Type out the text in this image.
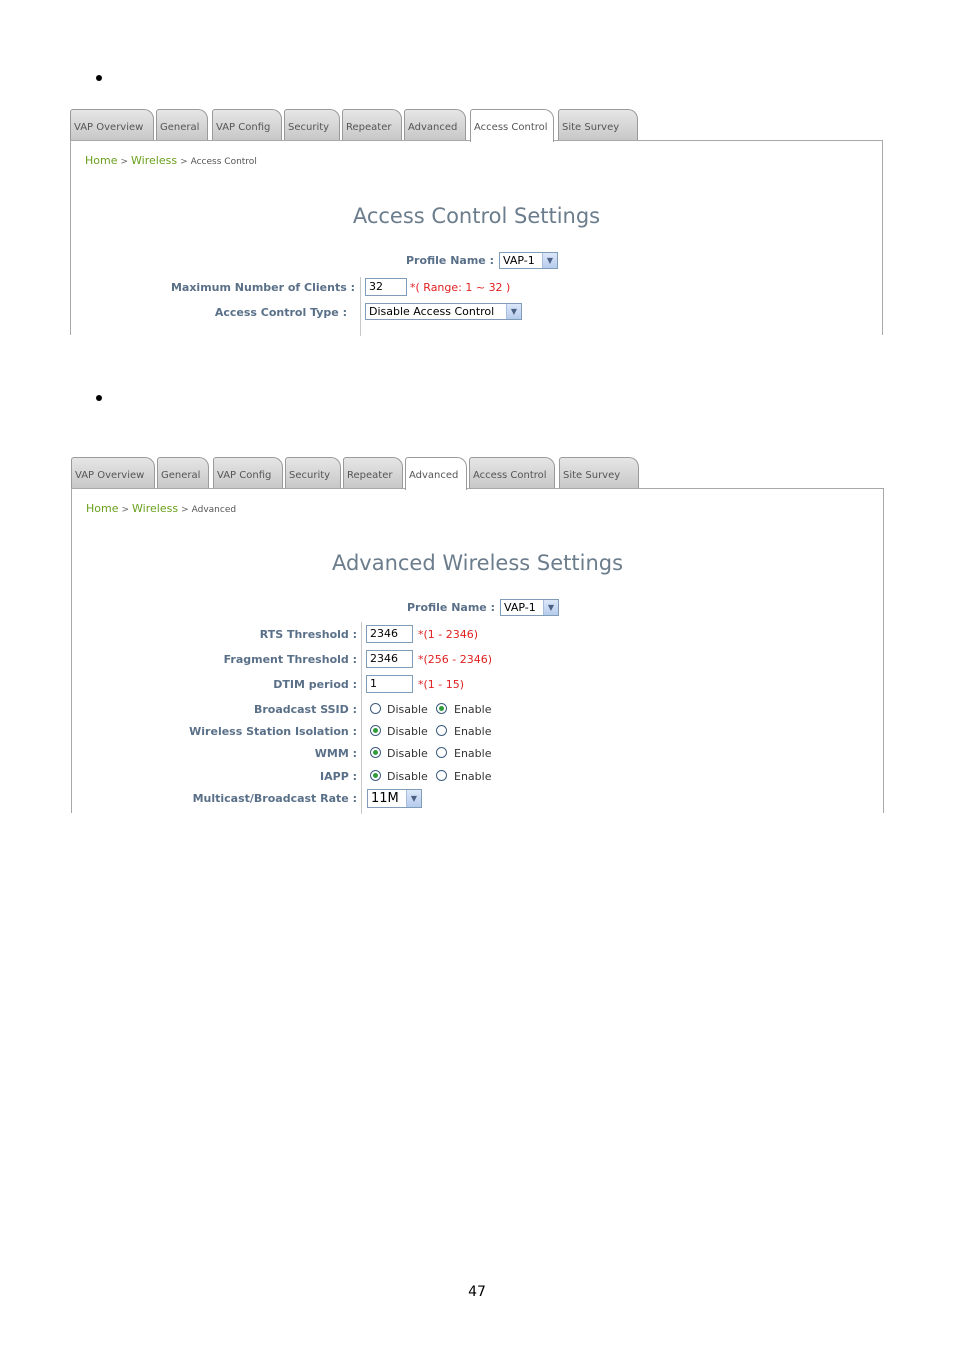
VAP Overview	General	VAP Config	Security	Repeater	Advanced	Access Control	Site Survey
Home > Wireless > Access Control
Access Control Settings
Profile Name : VAP-1	▼
Maximum Number of Clients :	32	*( Range: 1 ~ 32 )
Access Control Type :	Disable Access Control	▼
VAP Overview	General	VAP Config	Security	Repeater	Advanced	Access Control	Site Survey
Home > Wireless > Advanced
Advanced Wireless Settings
Profile Name : VAP-1	▼
RTS Threshold :	2346	*(1 - 2346)
Fragment Threshold :	2346	*(256 - 2346)
DTIM period :	1	*(1 - 15)
Broadcast SSID :	Disable Enable
Wireless Station Isolation :	Disable Enable
WMM :	Disable Enable
IAPP :	Disable Enable
Multicast/Broadcast Rate :	11M	▼
47
